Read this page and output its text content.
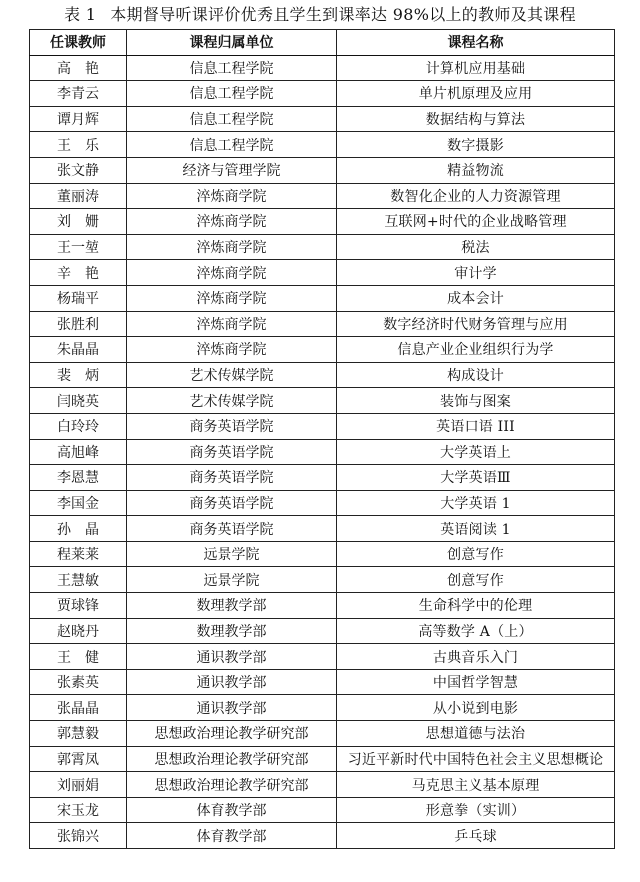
表 1 本期督导听课评价优秀且学生到课率达 98%以上的教师及其课程
任课教师	课程归属单位	课程名称
高　艳	信息工程学院	计算机应用基础
李青云	信息工程学院	单片机原理及应用
谭月辉	信息工程学院	数据结构与算法
王　乐	信息工程学院	数字摄影
张文静	经济与管理学院	精益物流
董丽涛	淬炼商学院	数智化企业的人力资源管理
刘　姗	淬炼商学院	互联网+时代的企业战略管理
王一堃	淬炼商学院	税法
辛　艳	淬炼商学院	审计学
杨瑞平	淬炼商学院	成本会计
张胜利	淬炼商学院	数字经济时代财务管理与应用
朱晶晶	淬炼商学院	信息产业企业组织行为学
裴　炳	艺术传媒学院	构成设计
闫晓英	艺术传媒学院	装饰与图案
白玲玲	商务英语学院	英语口语 III
高旭峰	商务英语学院	大学英语上
李恩慧	商务英语学院	大学英语Ⅲ
李国金	商务英语学院	大学英语 1
孙　晶	商务英语学院	英语阅读 1
程莱莱	远景学院	创意写作
王慧敏	远景学院	创意写作
贾球锋	数理教学部	生命科学中的伦理
赵晓丹	数理教学部	高等数学 A（上）
王　健	通识教学部	古典音乐入门
张素英	通识教学部	中国哲学智慧
张晶晶	通识教学部	从小说到电影
郭慧毅	思想政治理论教学研究部	思想道德与法治
郭霄凤	思想政治理论教学研究部	习近平新时代中国特色社会主义思想概论
刘丽娟	思想政治理论教学研究部	马克思主义基本原理
宋玉龙	体育教学部	形意拳（实训）
张锦兴	体育教学部	乒乓球
